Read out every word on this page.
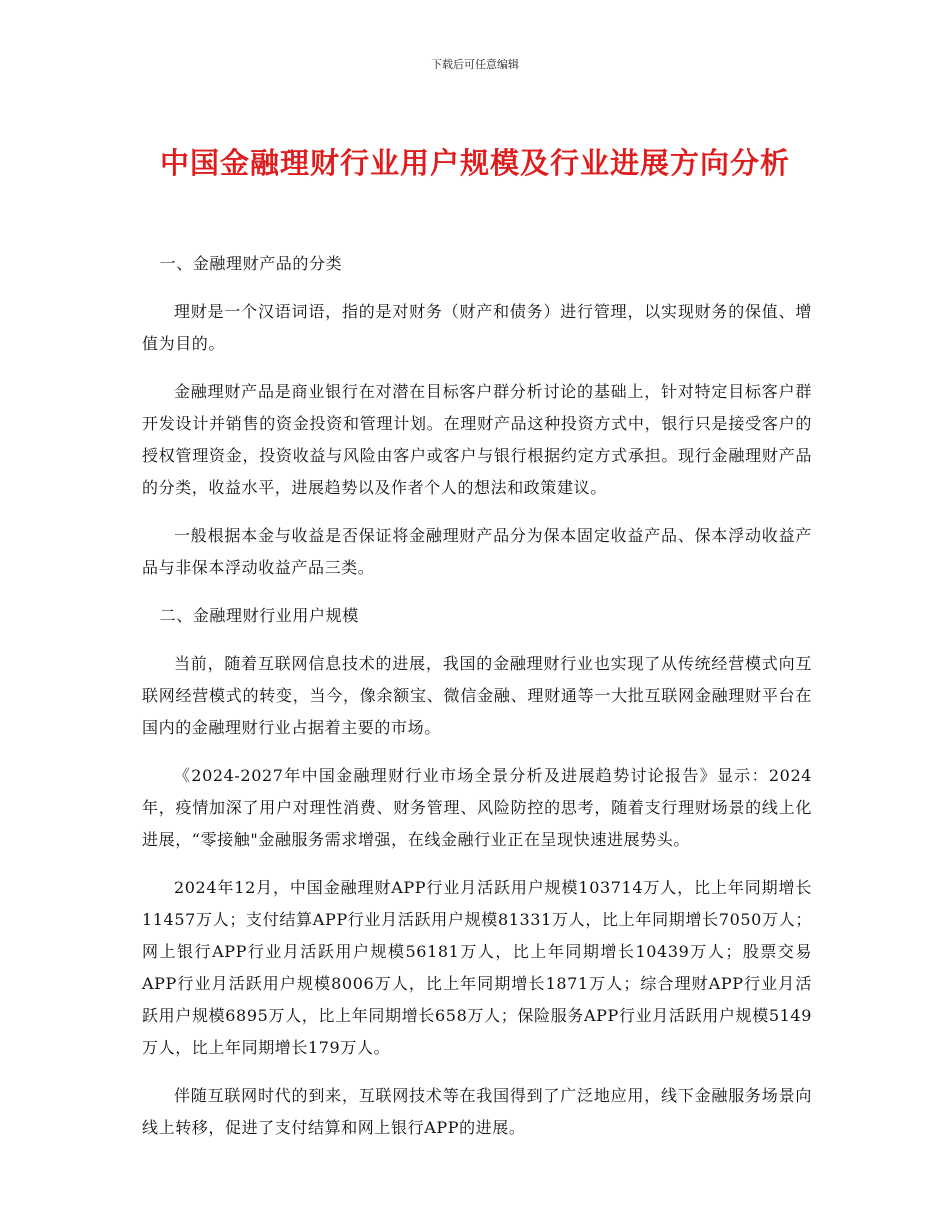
下载后可任意编辑
中国金融理财行业用户规模及行业进展方向分析

一、金融理财产品的分类

理财是一个汉语词语，指的是对财务（财产和债务）进行管理，以实现财务的保值、增值为目的。

金融理财产品是商业银行在对潜在目标客户群分析讨论的基础上，针对特定目标客户群开发设计并销售的资金投资和管理计划。在理财产品这种投资方式中，银行只是接受客户的授权管理资金，投资收益与风险由客户或客户与银行根据约定方式承担。现行金融理财产品的分类，收益水平，进展趋势以及作者个人的想法和政策建议。

一般根据本金与收益是否保证将金融理财产品分为保本固定收益产品、保本浮动收益产品与非保本浮动收益产品三类。

二、金融理财行业用户规模

当前，随着互联网信息技术的进展，我国的金融理财行业也实现了从传统经营模式向互联网经营模式的转变，当今，像余额宝、微信金融、理财通等一大批互联网金融理财平台在国内的金融理财行业占据着主要的市场。

《2024-2027年中国金融理财行业市场全景分析及进展趋势讨论报告》显示：2024年，疫情加深了用户对理性消费、财务管理、风险防控的思考，随着支行理财场景的线上化进展，“零接触"金融服务需求增强，在线金融行业正在呈现快速进展势头。

2024年12月，中国金融理财APP行业月活跃用户规模103714万人，比上年同期增长11457万人；支付结算APP行业月活跃用户规模81331万人，比上年同期增长7050万人；网上银行APP行业月活跃用户规模56181万人，比上年同期增长10439万人；股票交易APP行业月活跃用户规模8006万人，比上年同期增长1871万人；综合理财APP行业月活跃用户规模6895万人，比上年同期增长658万人；保险服务APP行业月活跃用户规模5149万人，比上年同期增长179万人。

伴随互联网时代的到来，互联网技术等在我国得到了广泛地应用，线下金融服务场景向线上转移，促进了支付结算和网上银行APP的进展。
